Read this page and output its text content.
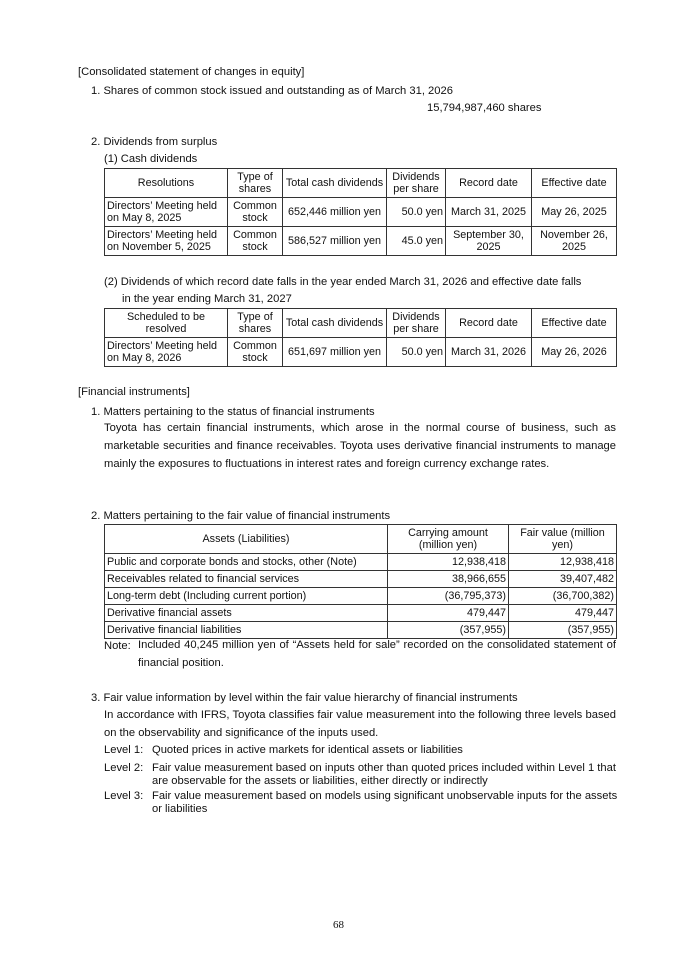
[Consolidated statement of changes in equity]
1. Shares of common stock issued and outstanding as of March 31, 2026
15,794,987,460 shares
2. Dividends from surplus
(1) Cash dividends
Resolutions	Type of shares	Total cash dividends	Dividends per share	Record date	Effective date
Directors’ Meeting held on May 8, 2025	Common stock	652,446 million yen	50.0 yen	March 31, 2025	May 26, 2025
Directors’ Meeting held on November 5, 2025	Common stock	586,527 million yen	45.0 yen	September 30, 2025	November 26, 2025
(2) Dividends of which record date falls in the year ended March 31, 2026 and effective date falls
in the year ending March 31, 2027
Scheduled to be resolved	Type of shares	Total cash dividends	Dividends per share	Record date	Effective date
Directors’ Meeting held on May 8, 2026	Common stock	651,697 million yen	50.0 yen	March 31, 2026	May 26, 2026
[Financial instruments]
1. Matters pertaining to the status of financial instruments
Toyota has certain financial instruments, which arose in the normal course of business, such as marketable securities and finance receivables. Toyota uses derivative financial instruments to manage mainly the exposures to fluctuations in interest rates and foreign currency exchange rates.
2. Matters pertaining to the fair value of financial instruments
Assets (Liabilities)	Carrying amount (million yen)	Fair value (million yen)
Public and corporate bonds and stocks, other (Note)	12,938,418	12,938,418
Receivables related to financial services	38,966,655	39,407,482
Long-term debt (Including current portion)	(36,795,373)	(36,700,382)
Derivative financial assets	479,447	479,447
Derivative financial liabilities	(357,955)	(357,955)
Note: Included 40,245 million yen of “Assets held for sale” recorded on the consolidated statement of financial position.
3. Fair value information by level within the fair value hierarchy of financial instruments
In accordance with IFRS, Toyota classifies fair value measurement into the following three levels based on the observability and significance of the inputs used.
Level 1: Quoted prices in active markets for identical assets or liabilities
Level 2: Fair value measurement based on inputs other than quoted prices included within Level 1 that are observable for the assets or liabilities, either directly or indirectly
Level 3: Fair value measurement based on models using significant unobservable inputs for the assets or liabilities
68
